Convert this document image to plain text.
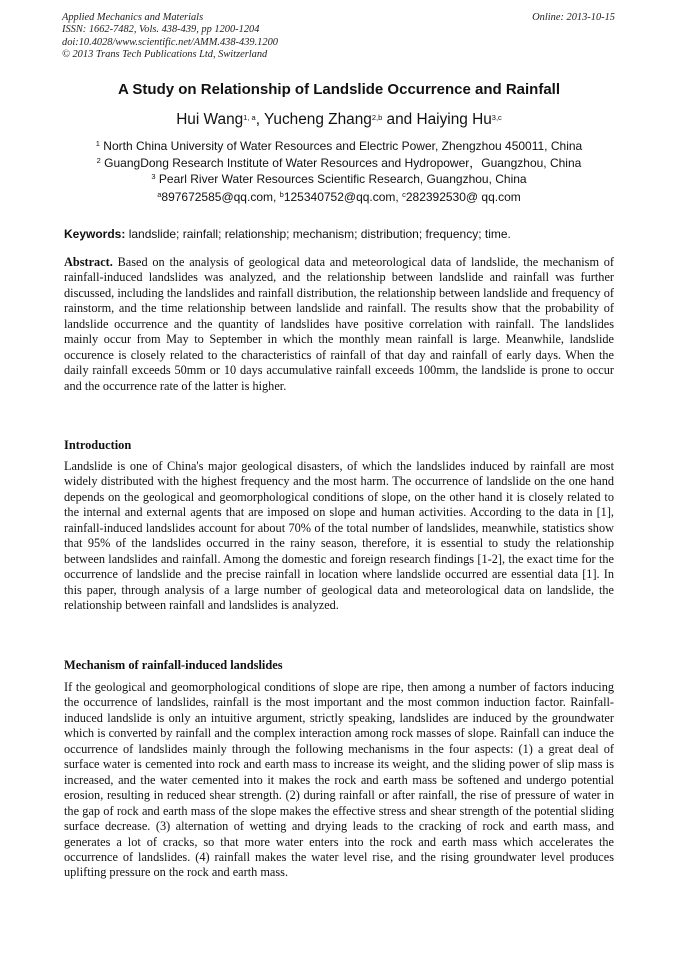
Applied Mechanics and Materials
ISSN: 1662-7482, Vols. 438-439, pp 1200-1204
doi:10.4028/www.scientific.net/AMM.438-439.1200
© 2013 Trans Tech Publications Ltd, Switzerland
Online: 2013-10-15
A Study on Relationship of Landslide Occurrence and Rainfall
Hui Wang$^{1, a}$, Yucheng Zhang$^{2,b}$ and Haiying Hu$^{3,c}$
$^1$ North China University of Water Resources and Electric Power, Zhengzhou 450011, China
$^2$ GuangDong Research Institute of Water Resources and Hydropower，Guangzhou, China
$^3$ Pearl River Water Resources Scientific Research, Guangzhou, China
$^a$897672585@qq.com, $^b$125340752@qq.com, $^c$282392530@ qq.com
Keywords: landslide; rainfall; relationship; mechanism; distribution; frequency; time.
Abstract. Based on the analysis of geological data and meteorological data of landslide, the mechanism of rainfall-induced landslides was analyzed, and the relationship between landslide and rainfall was further discussed, including the landslides and rainfall distribution, the relationship between landslide and frequency of rainstorm, and the time relationship between landslide and rainfall. The results show that the probability of landslide occurrence and the quantity of landslides have positive correlation with rainfall. The landslides mainly occur from May to September in which the monthly mean rainfall is large. Meanwhile, landslide occurence is closely related to the characteristics of rainfall of that day and rainfall of early days. When the daily rainfall exceeds 50mm or 10 days accumulative rainfall exceeds 100mm, the landslide is prone to occur and the occurrence rate of the latter is higher.
Introduction
Landslide is one of China's major geological disasters, of which the landslides induced by rainfall are most widely distributed with the highest frequency and the most harm. The occurrence of landslide on the one hand depends on the geological and geomorphological conditions of slope, on the other hand it is closely related to the internal and external agents that are imposed on slope and human activities. According to the data in [1], rainfall-induced landslides account for about 70% of the total number of landslides, meanwhile, statistics show that 95% of the landslides occurred in the rainy season, therefore, it is essential to study the relationship between landslides and rainfall. Among the domestic and foreign research findings [1-2], the exact time for the occurrence of landslide and the precise rainfall in location where landslide occurred are essential data [1]. In this paper, through analysis of a large number of geological data and meteorological data on landslide, the relationship between rainfall and landslides is analyzed.
Mechanism of rainfall-induced landslides
If the geological and geomorphological conditions of slope are ripe, then among a number of factors inducing the occurrence of landslides, rainfall is the most important and the most common induction factor. Rainfall-induced landslide is only an intuitive argument, strictly speaking, landslides are induced by the groundwater which is converted by rainfall and the complex interaction among rock masses of slope. Rainfall can induce the occurrence of landslides mainly through the following mechanisms in the four aspects: (1) a great deal of surface water is cemented into rock and earth mass to increase its weight, and the sliding power of slip mass is increased, and the water cemented into it makes the rock and earth mass be softened and undergo potential erosion, resulting in reduced shear strength. (2) during rainfall or after rainfall, the rise of pressure of water in the gap of rock and earth mass of the slope makes the effective stress and shear strength of the potential sliding surface decrease. (3) alternation of wetting and drying leads to the cracking of rock and earth mass, and generates a lot of cracks, so that more water enters into the rock and earth mass which accelerates the occurrence of landslides. (4) rainfall makes the water level rise, and the rising groundwater level produces uplifting pressure on the rock and earth mass.
